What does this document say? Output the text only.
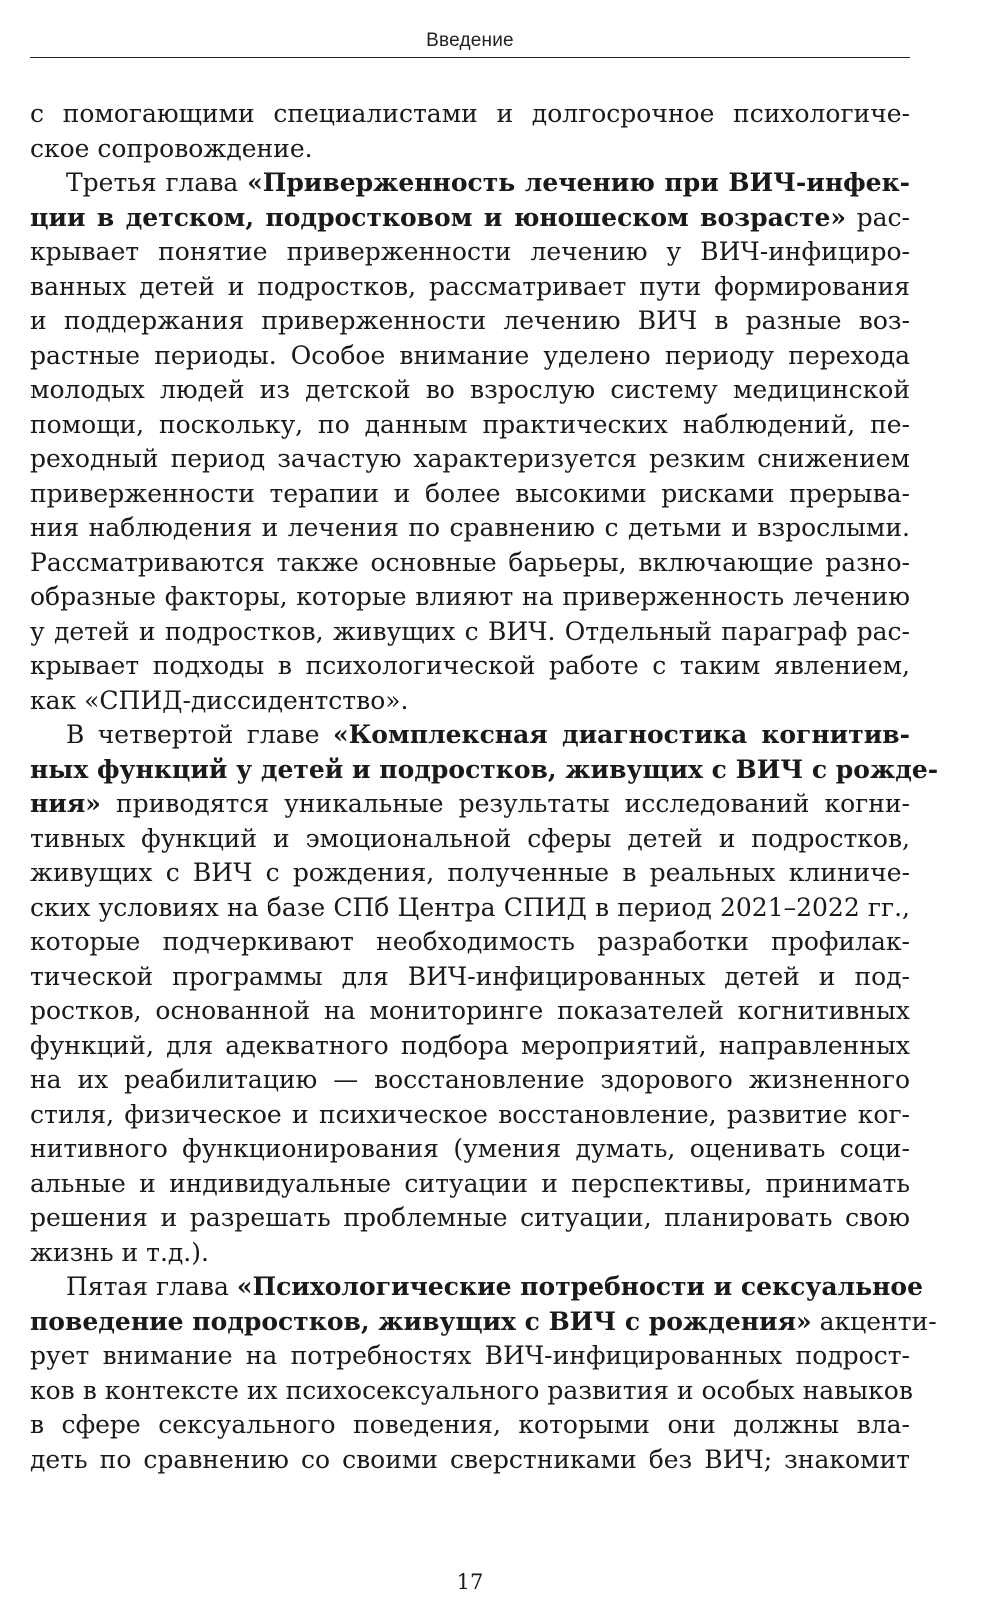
Введение
с помогающими специалистами и долгосрочное психологиче-
ское сопровождение.
Третья глава «Приверженность лечению при ВИЧ-инфек-
ции в детском, подростковом и юношеском возрасте» рас-
крывает понятие приверженности лечению у ВИЧ-инфициро-
ванных детей и подростков, рассматривает пути формирования
и поддержания приверженности лечению ВИЧ в разные воз-
растные периоды. Особое внимание уделено периоду перехода
молодых людей из детской во взрослую систему медицинской
помощи, поскольку, по данным практических наблюдений, пе-
реходный период зачастую характеризуется резким снижением
приверженности терапии и более высокими рисками прерыва-
ния наблюдения и лечения по сравнению с детьми и взрослыми.
Рассматриваются также основные барьеры, включающие разно-
образные факторы, которые влияют на приверженность лечению
у детей и подростков, живущих с ВИЧ. Отдельный параграф рас-
крывает подходы в психологической работе с таким явлением,
как «СПИД-диссидентство».
В четвертой главе «Комплексная диагностика когнитив-
ных функций у детей и подростков, живущих с ВИЧ с рожде-
ния» приводятся уникальные результаты исследований когни-
тивных функций и эмоциональной сферы детей и подростков,
живущих с ВИЧ с рождения, полученные в реальных клиниче-
ских условиях на базе СПб Центра СПИД в период 2021–2022 гг.,
которые подчеркивают необходимость разработки профилак-
тической программы для ВИЧ-инфицированных детей и под-
ростков, основанной на мониторинге показателей когнитивных
функций, для адекватного подбора мероприятий, направленных
на их реабилитацию — восстановление здорового жизненного
стиля, физическое и психическое восстановление, развитие ког-
нитивного функционирования (умения думать, оценивать соци-
альные и индивидуальные ситуации и перспективы, принимать
решения и разрешать проблемные ситуации, планировать свою
жизнь и т.д.).
Пятая глава «Психологические потребности и сексуальное
поведение подростков, живущих с ВИЧ с рождения» акценти-
рует внимание на потребностях ВИЧ-инфицированных подрост-
ков в контексте их психосексуального развития и особых навыков
в сфере сексуального поведения, которыми они должны вла-
деть по сравнению со своими сверстниками без ВИЧ; знакомит
17
